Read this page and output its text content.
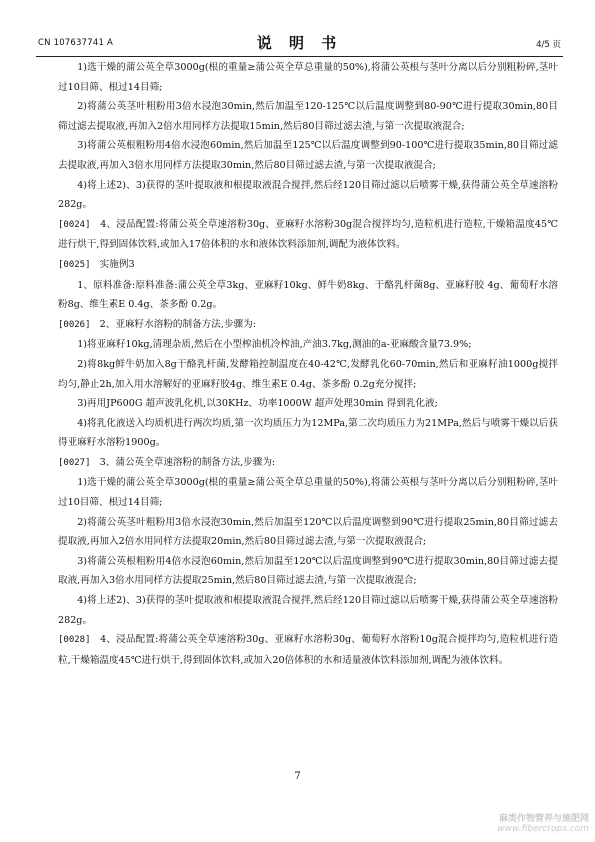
CN 107637741 A	说 明 书	4/5 页

1)选干燥的蒲公英全草3000g(根的重量≥蒲公英全草总重量的50%),将蒲公英根与茎叶分离以后分别粗粉碎,茎叶过10目筛、根过14目筛;

2)将蒲公英茎叶粗粉用3倍水浸泡30min,然后加温至120-125℃以后温度调整到80-90℃进行提取30min,80目筛过滤去提取液,再加入2倍水用同样方法提取15min,然后80目筛过滤去渣,与第一次提取液混合;

3)将蒲公英根粗粉用4倍水浸泡60min,然后加温至125℃以后温度调整到90-100℃进行提取35min,80目筛过滤去提取液,再加入3倍水用同样方法提取30min,然后80目筛过滤去渣,与第一次提取液混合;

4)将上述2)、3)获得的茎叶提取液和根提取液混合搅拌,然后经120目筛过滤以后喷雾干燥,获得蒲公英全草速溶粉282g。

[0024] 4、浸品配置:将蒲公英全草速溶粉30g、亚麻籽水溶粉30g混合搅拌均匀,造粒机进行造粒,干燥箱温度45℃进行烘干,得到固体饮料,或加入17倍体积的水和液体饮料添加剂,调配为液体饮料。

[0025] 实施例3

1、原料准备:原料准备:蒲公英全草3kg、亚麻籽10kg、鲜牛奶8kg、干酪乳杆菌8g、亚麻籽胶 4g、葡萄籽水溶粉8g、维生素E 0.4g、茶多酚 0.2g。

[0026] 2、亚麻籽水溶粉的制备方法,步骤为:

1)将亚麻籽10kg,清理杂质,然后在小型榨油机冷榨油,产油3.7kg,测油的a-亚麻酸含量73.9%;

2)将8kg鲜牛奶加入8g干酪乳杆菌,发酵箱控制温度在40-42℃,发酵乳化60-70min,然后和亚麻籽油1000g搅拌均匀,静止2h,加入用水溶解好的亚麻籽胶4g、维生素E 0.4g、茶多酚 0.2g充分搅拌;

3)再用JP600G 超声波乳化机,以30KHz、功率1000W 超声处理30min 得到乳化液;

4)将乳化液送入均质机进行两次均质,第一次均质压力为12MPa,第二次均质压力为21MPa,然后与喷雾干燥以后获得亚麻籽水溶粉1900g。

[0027] 3、蒲公英全草速溶粉的制备方法,步骤为:

1)选干燥的蒲公英全草3000g(根的重量≥蒲公英全草总重量的50%),将蒲公英根与茎叶分离以后分别粗粉碎,茎叶过10目筛、根过14目筛;

2)将蒲公英茎叶粗粉用3倍水浸泡30min,然后加温至120℃以后温度调整到90℃进行提取25min,80目筛过滤去提取液,再加入2倍水用同样方法提取20min,然后80目筛过滤去渣,与第一次提取液混合;

3)将蒲公英根粗粉用4倍水浸泡60min,然后加温至120℃以后温度调整到90℃进行提取30min,80目筛过滤去提取液,再加入3倍水用同样方法提取25min,然后80目筛过滤去渣,与第一次提取液混合;

4)将上述2)、3)获得的茎叶提取液和根提取液混合搅拌,然后经120目筛过滤以后喷雾干燥,获得蒲公英全草速溶粉282g。

[0028] 4、浸品配置:将蒲公英全草速溶粉30g、亚麻籽水溶粉30g、葡萄籽水溶粉10g混合搅拌均匀,造粒机进行造粒,干燥箱温度45℃进行烘干,得到固体饮料,或加入20倍体积的水和适量液体饮料添加剂,调配为液体饮料。

7
麻类作物营养与施肥网
www.fibercrops.com
